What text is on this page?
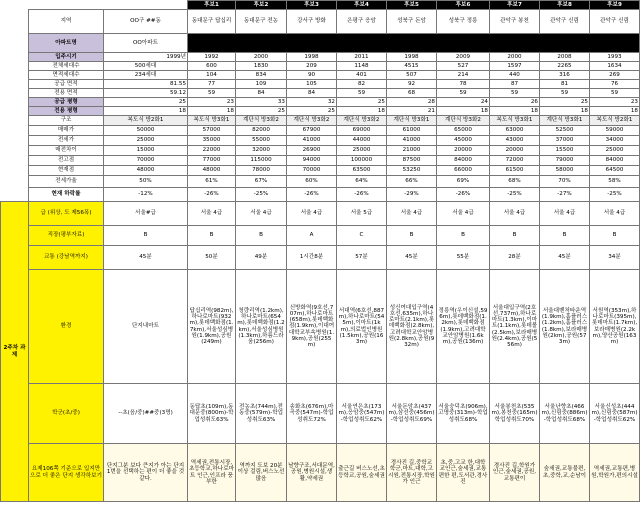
			후보1	후보2	후보3	후보4	후보5	후보6	후보7	후보8	후보9
	지역	OO구 ##동	동대문구 답십리	동대문구 전농	강서구 방화	은평구 응암	성북구 돈암	성북구 정릉	관악구 봉천	관악구 신림	관악구 신림
	아파트명	OO아파트									
	입주시기	1999년	1992	2000	1998	2011	1998	2009	2000	2008	1993
	전체세대수	500세대	600	1830	209	1148	4515	527	1597	2265	1634
	면적세대수	234세대	104	834	90	401	507	214	440	316	269
	공급 면적	81.55	77	109	105	82	92	78	87	81	76
	전용 면적	59.12	59	84	84	59	68	59	59	59	59
	공급 평형	25	23	33	32	25	28	24	26	25	23
	전용 평형	18	18	25	25	18	21	18	18	18	18
	구조	복도식 방2화1	복도식 방3화1	계단식 방3화2	계단식 방3화2	계단식 방3화2	계단식 방3화1	계단식 방3화2	복도식 방3화1	계단식 방3화1	복도식 방2화1
	매매가	50000	57000	82000	67900	69000	61000	65000	63000	52500	59000
	전세가	25000	35000	55000	41000	44000	41000	45000	43000	37000	34000
	매전차이	15000	22000	32000	26900	25000	21000	20000	20000	15500	25000
	전고점	70000	77000	115000	94000	100000	87500	84000	72000	79000	84000
	현재점	48000	48000	78000	70000	63500	53250	66000	61500	58000	64500
	전세가율	50%	61%	67%	60%	64%	66%	69%	68%	70%	58%
	현재 하락률	-12%	-26%	-25%	-26%	-26%	-29%	-26%	-25%	-27%	-25%
2주차 과제	급 (위상, 도 제56폭)	서울#급	서울 4급	서울 4급	서울 4급	서울 5급	서울 4급	서울 4급	서울 4급	서울 4급	서울 4급
	직장(평부자료)	B	B	B	A	C	B	B	B	B	B
	교통 (강남역까지)	45분	50분	49분	1시간8분	57분	45분	55분	28분	45분	34분
	환경	단지내마트	답십리역(982m),하나로마트(932m),롯데백화점(1.7km),서울성심병원(1.9km),공원(249m)	청량리역(1.2km),하나로마트(654m),롯데백화점(1.2km),서울성심병원(1.3km),하름드라움(256m)	신방화역(9호선,707m),하나로마트(658m),롯데백화점(1.9km),이대여대학교부속병원(1.9km),공원(255m)	서대역(6호선,887m),하나로마트(545m),이마트(1km),의료법인병원(1.5km),공원(163m)	성신여대입구역(4호선,635m),하나로마트(2.1km),롯데백화점(2.8km),고려대학교안암병원(2.8km),공원(932m)	정릉역(우이신설,596m),롯데백화점(1.2km),롯데백화점(1.9km),고려대학교안암병원(1.6km),공원(136m)	서울대입구역(2호선,737m),하나로마트(1.3km),이마트(1.1km),롯데몰(2.5km),보라매병원(2.4km),공원(556m)	서울대벤처타운역(1.9km),홈플러스(1.2km),홈플러스(1.8km),보라매병원(2km),공원(573m)	서원역(353m),하나로마트(395m),롯데마트(1.7km),보라매병원(2.2km),양산공원(163m)
	학군(초/중)	--초(음/중)##중(3명)	동답초(109m),동대문중(800m)-학업성취도63%	전농초(744m),전동중(579m)-학업성취도63%	송화초(676m),마곡중(547m)-학업성취도72%	서울연은초(173m),응암중(547m)-학업성취도62%	서울돈암초(437m),삼선중(456m)-학업성취도69%	서울숭덕초(906m),고명중(313m)-학업성취도68%	서울봉천초(535m),봉천중(165m)학업성취도70%	서울난향초(466m),신림중(886m)-학업성취도68%	서울신성초(444m),신림중(587m)-학업성취도62%
	요제106쪽 기준으로 입지만으로 더 좋은 단지 생각하보기	단지그분 보다 큰지가 아는 단지 1번을 선택하는 편이 더 좋을 것 같다.	역세권,전통시장,초등학교,하나로마트 인근,인프라 풍부한	역까지 도보 20분이상 걸림,버스노선 많음	남향구조,서대문역,공원,병원시설,생활,약세권	출근길 버스노선,초등학교,공원,숲세권	경사진 길,중학교 학군,마트,대학,고시원,전통시장,학원가 인근	초,중,고교 한,대학교인근,숲세권,교통편한 편,도서관,경사진	경사진 길,학원가 인근,숲세권,공원,교통편이	숲세권,교통불편,초,중학,교,순남이	역세권,교통편,병원,학원가,편의시설
